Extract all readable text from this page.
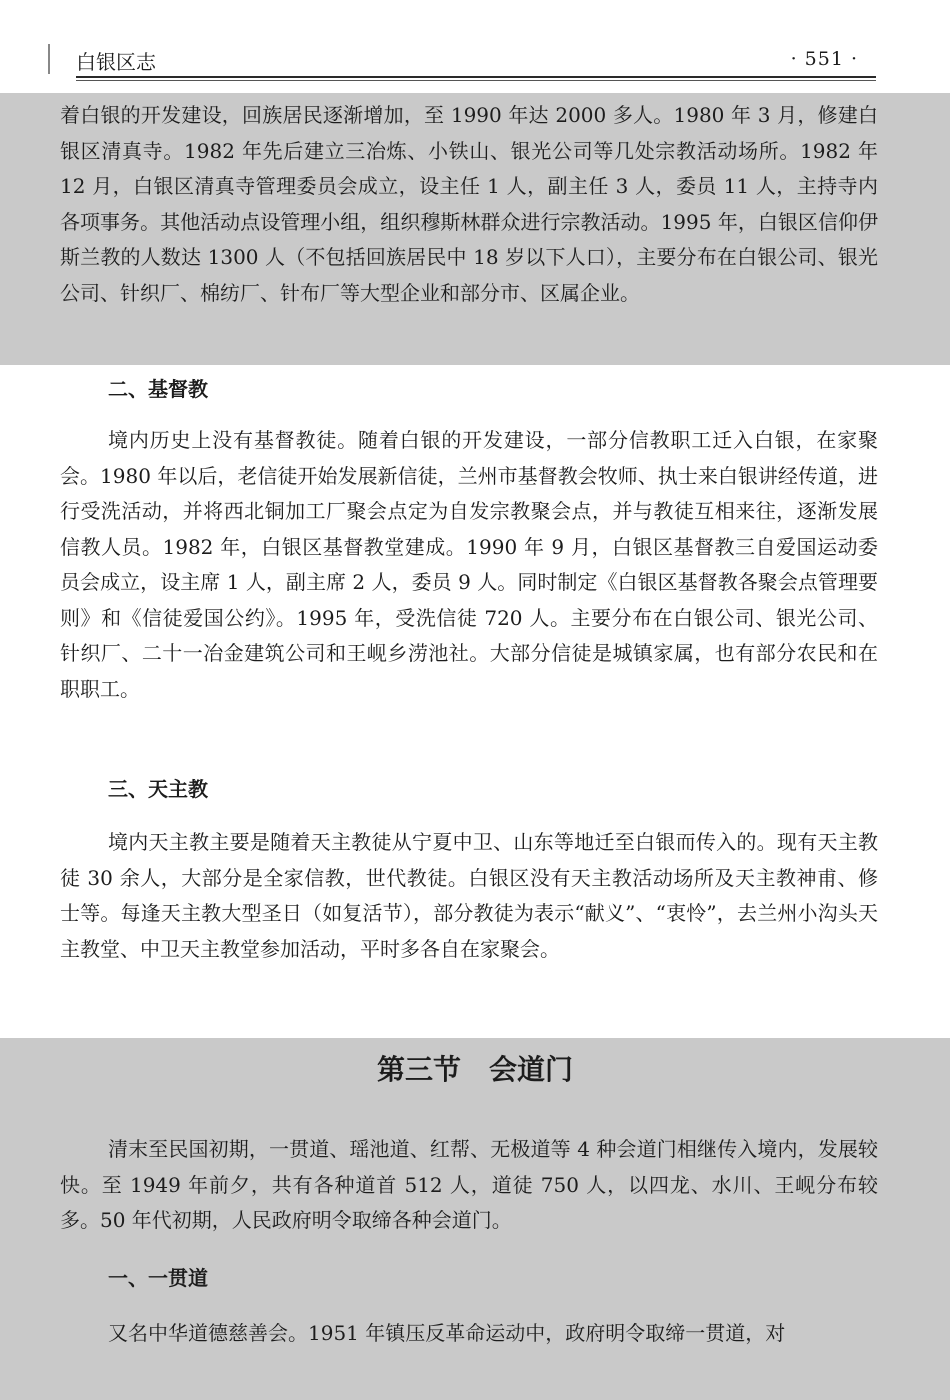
白银区志	· 551 ·

着白银的开发建设，回族居民逐渐增加，至 1990 年达 2000 多人。1980 年 3 月，修建白银区清真寺。1982 年先后建立三冶炼、小铁山、银光公司等几处宗教活动场所。1982 年 12 月，白银区清真寺管理委员会成立，设主任 1 人，副主任 3 人，委员 11 人，主持寺内各项事务。其他活动点设管理小组，组织穆斯林群众进行宗教活动。1995 年，白银区信仰伊斯兰教的人数达 1300 人（不包括回族居民中 18 岁以下人口），主要分布在白银公司、银光公司、针织厂、棉纺厂、针布厂等大型企业和部分市、区属企业。

二、基督教

境内历史上没有基督教徒。随着白银的开发建设，一部分信教职工迁入白银，在家聚会。1980 年以后，老信徒开始发展新信徒，兰州市基督教会牧师、执士来白银讲经传道，进行受洗活动，并将西北铜加工厂聚会点定为自发宗教聚会点，并与教徒互相来往，逐渐发展信教人员。1982 年，白银区基督教堂建成。1990 年 9 月，白银区基督教三自爱国运动委员会成立，设主席 1 人，副主席 2 人，委员 9 人。同时制定《白银区基督教各聚会点管理要则》和《信徒爱国公约》。1995 年，受洗信徒 720 人。主要分布在白银公司、银光公司、针织厂、二十一冶金建筑公司和王岘乡涝池社。大部分信徒是城镇家属，也有部分农民和在职职工。

三、天主教

境内天主教主要是随着天主教徒从宁夏中卫、山东等地迁至白银而传入的。现有天主教徒 30 余人，大部分是全家信教，世代教徒。白银区没有天主教活动场所及天主教神甫、修士等。每逢天主教大型圣日（如复活节），部分教徒为表示“献义”、“衷怜”，去兰州小沟头天主教堂、中卫天主教堂参加活动，平时多各自在家聚会。

第三节　会道门

清末至民国初期，一贯道、瑶池道、红帮、无极道等 4 种会道门相继传入境内，发展较快。至 1949 年前夕，共有各种道首 512 人，道徒 750 人，以四龙、水川、王岘分布较多。50 年代初期，人民政府明令取缔各种会道门。

一、一贯道

又名中华道德慈善会。1951 年镇压反革命运动中，政府明令取缔一贯道，对
